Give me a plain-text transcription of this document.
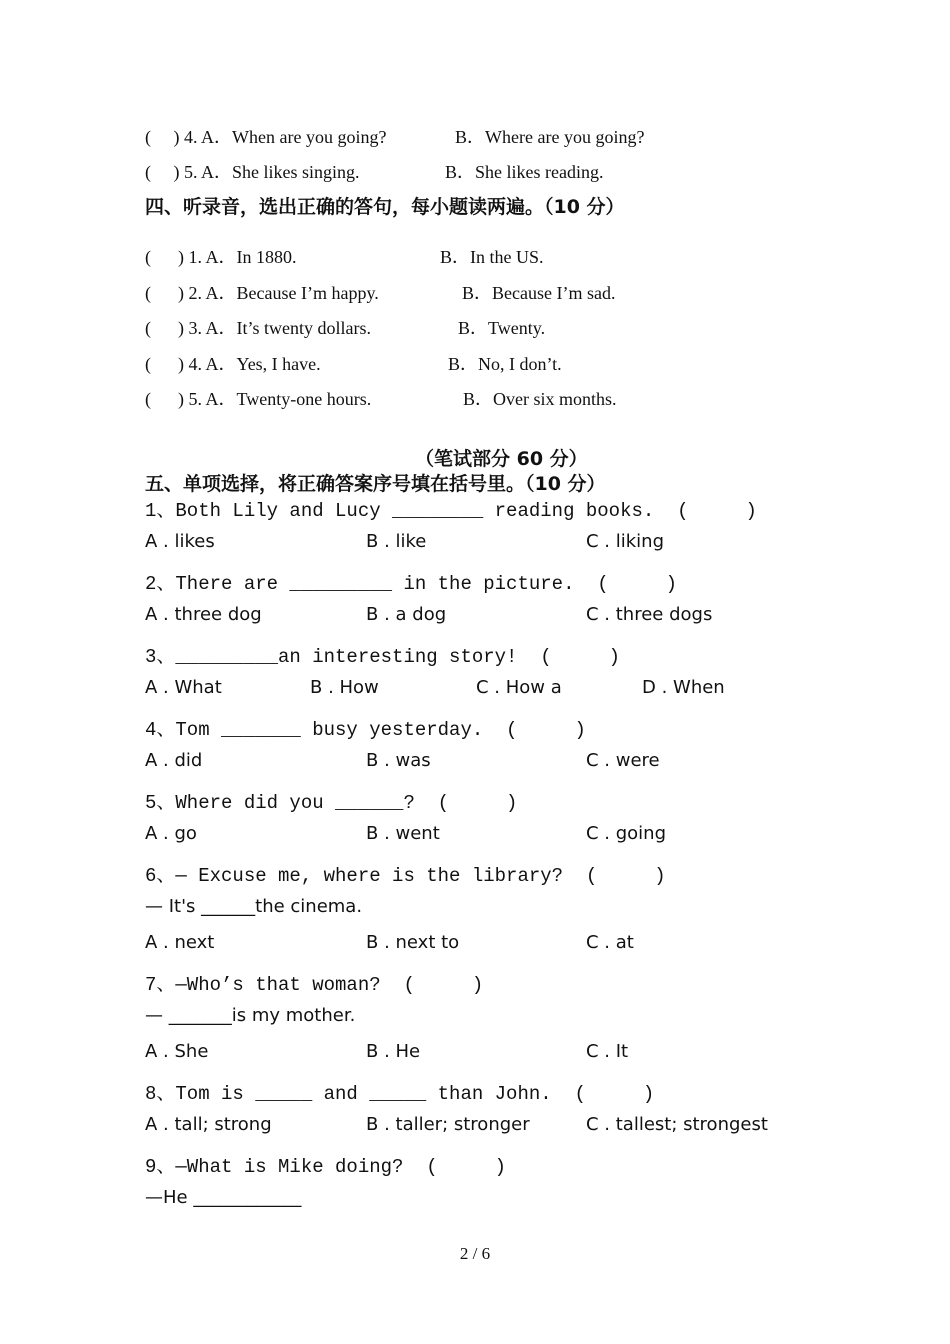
(     ) 4. A．When are you going?	B．Where are you going?
(     ) 5. A．She likes singing.	B．She likes reading.
四、听录音，选出正确的答句，每小题读两遍。（10 分）
(      ) 1. A．In 1880.	B．In the US.
(      ) 2. A．Because I’m happy.	B．Because I’m sad.
(      ) 3. A．It’s twenty dollars.	B．Twenty.
(      ) 4. A．Yes, I have.	B．No, I don’t.
(      ) 5. A．Twenty-one hours.	B．Over six months.
（笔试部分 60 分）
五、单项选择，将正确答案序号填在括号里。（10 分）
1、Both Lily and Lucy ________ reading books.  (     )
A . likes	B . like	C . liking
2、There are _________ in the picture.  (     )
A . three dog	B . a dog	C . three dogs
3、_________an interesting story!  (     )
A . What	B . How	C . How a	D . When
4、Tom _______ busy yesterday.  (     )
A . did	B . was	C . were
5、Where did you ______?  (     )
A . go	B . went	C . going
6、— Excuse me, where is the library?  (     )
— It's ______the cinema.
A . next	B . next to	C . at
7、—Who’s that woman?  (     )
— _______is my mother.
A . She	B . He	C . It
8、Tom is _____ and _____ than John.  (     )
A . tall; strong	B . taller; stronger	C . tallest; strongest
9、—What is Mike doing?  (     )
—He ____________
2 / 6
